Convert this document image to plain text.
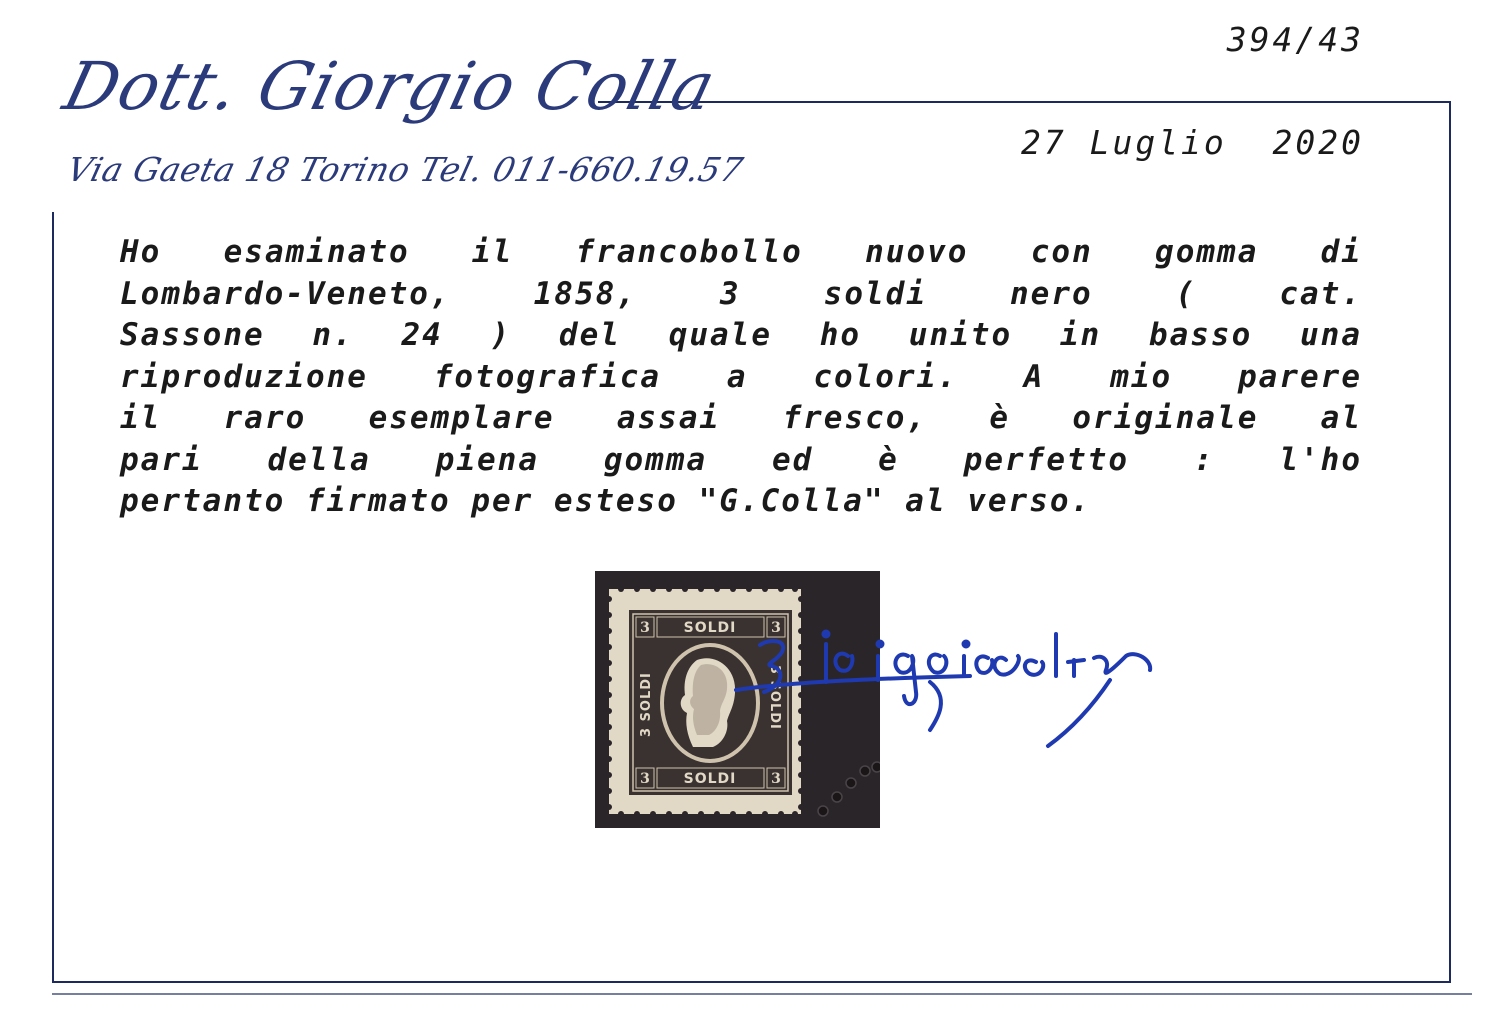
Dott. Giorgio Colla
Via Gaeta 18 Torino Tel. 011-660.19.57
394/43
27 Luglio  2020
Ho esaminato il francobollo nuovo con gomma di
Lombardo-Veneto, 1858, 3 soldi nero ( cat.
Sassone n. 24 ) del quale ho unito in basso una
riproduzione fotografica a colori. A mio parere
il raro esemplare assai fresco, è originale al
pari della piena gomma ed è perfetto : l'ho
pertanto firmato per esteso "G.Colla" al verso.
SOLDI
SOLDI
3	3
3	3
3 SOLDI	3 SOLDI
